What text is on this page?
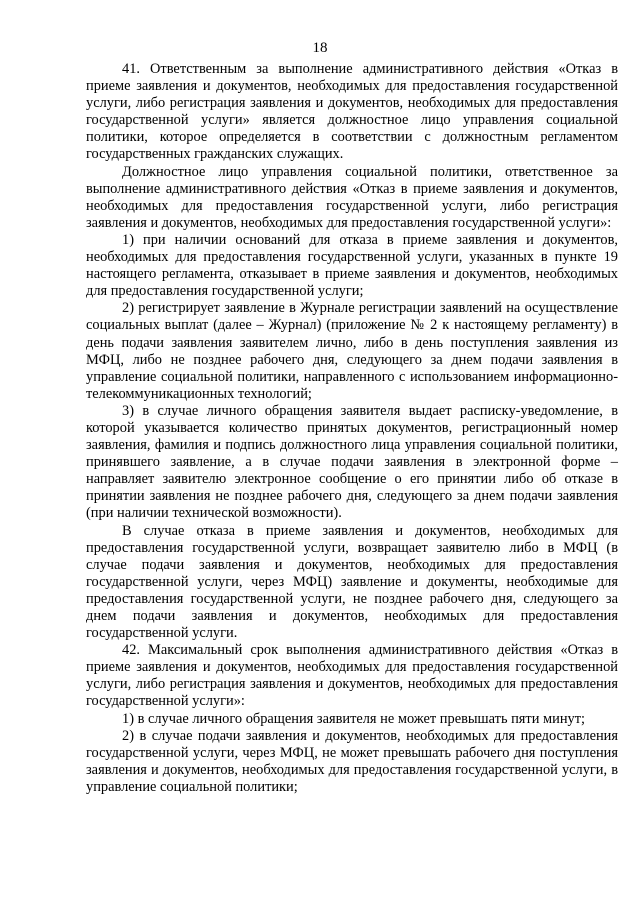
18

41. Ответственным за выполнение административного действия «Отказ в приеме заявления и документов, необходимых для предоставления государственной услуги, либо регистрация заявления и документов, необходимых для предоставления государственной услуги» является должностное лицо управления социальной политики, которое определяется в соответствии с должностным регламентом государственных гражданских служащих.

Должностное лицо управления социальной политики, ответственное за выполнение административного действия «Отказ в приеме заявления и документов, необходимых для предоставления государственной услуги, либо регистрация заявления и документов, необходимых для предоставления государственной услуги»:

1) при наличии оснований для отказа в приеме заявления и документов, необходимых для предоставления государственной услуги, указанных в пункте 19 настоящего регламента, отказывает в приеме заявления и документов, необходимых для предоставления государственной услуги;

2) регистрирует заявление в Журнале регистрации заявлений на осуществление социальных выплат (далее – Журнал) (приложение № 2 к настоящему регламенту) в день подачи заявления заявителем лично, либо в день поступления заявления из МФЦ, либо не позднее рабочего дня, следующего за днем подачи заявления в управление социальной политики, направленного с использованием информационно-телекоммуникационных технологий;

3) в случае личного обращения заявителя выдает расписку-уведомление, в которой указывается количество принятых документов, регистрационный номер заявления, фамилия и подпись должностного лица управления социальной политики, принявшего заявление, а в случае подачи заявления в электронной форме – направляет заявителю электронное сообщение о его принятии либо об отказе в принятии заявления не позднее рабочего дня, следующего за днем подачи заявления (при наличии технической возможности).

В случае отказа в приеме заявления и документов, необходимых для предоставления государственной услуги, возвращает заявителю либо в МФЦ (в случае подачи заявления и документов, необходимых для предоставления государственной услуги, через МФЦ) заявление и документы, необходимые для предоставления государственной услуги, не позднее рабочего дня, следующего за днем подачи заявления и документов, необходимых для предоставления государственной услуги.

42. Максимальный срок выполнения административного действия «Отказ в приеме заявления и документов, необходимых для предоставления государственной услуги, либо регистрация заявления и документов, необходимых для предоставления государственной услуги»:

1) в случае личного обращения заявителя не может превышать пяти минут;

2) в случае подачи заявления и документов, необходимых для предоставления государственной услуги, через МФЦ, не может превышать рабочего дня поступления заявления и документов, необходимых для предоставления государственной услуги, в управление социальной политики;
